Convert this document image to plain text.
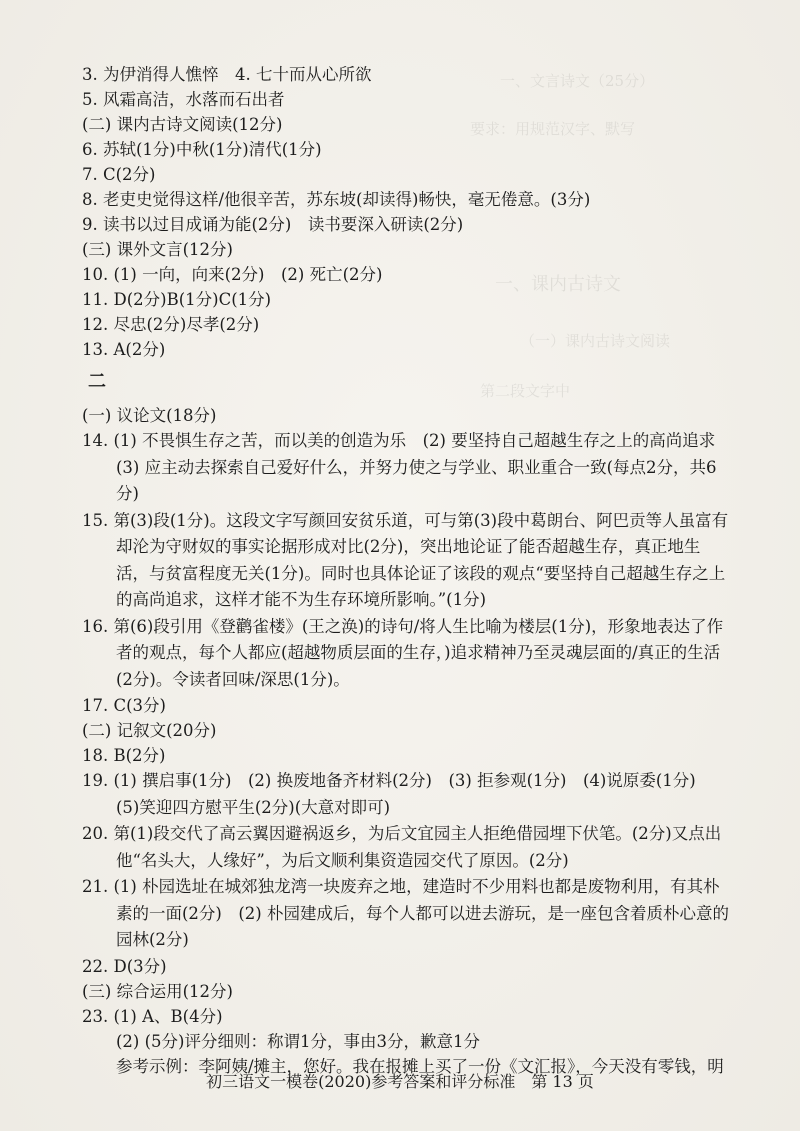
一、文言诗文（25分）
要求：用规范汉字、默写
一、课内古诗文
（一）课内古诗文阅读
第二段文字中
3. 为伊消得人憔悴　4. 七十而从心所欲
5. 风霜高洁，水落而石出者
(二) 课内古诗文阅读(12分)
6. 苏轼(1分)中秋(1分)清代(1分)
7. C(2分)
8. 老吏史觉得这样/他很辛苦，苏东坡(却读得)畅快，毫无倦意。(3分)
9. 读书以过目成诵为能(2分)　读书要深入研读(2分)
(三) 课外文言(12分)
10. (1) 一向，向来(2分)　(2) 死亡(2分)
11. D(2分)B(1分)C(1分)
12. 尽忠(2分)尽孝(2分)
13. A(2分)
(一) 议论文(18分)
14. (1) 不畏惧生存之苦，而以美的创造为乐　(2) 要坚持自己超越生存之上的高尚追求　(3) 应主动去探索自己爱好什么，并努力使之与学业、职业重合一致(每点2分，共6分)
15. 第(3)段(1分)。这段文字写颜回安贫乐道，可与第(3)段中葛朗台、阿巴贡等人虽富有却沦为守财奴的事实论据形成对比(2分)，突出地论证了能否超越生存，真正地生活，与贫富程度无关(1分)。同时也具体论证了该段的观点“要坚持自己超越生存之上的高尚追求，这样才能不为生存环境所影响。”(1分)
16. 第(6)段引用《登鹳雀楼》(王之涣)的诗句/将人生比喻为楼层(1分)，形象地表达了作者的观点，每个人都应(超越物质层面的生存，)追求精神乃至灵魂层面的/真正的生活(2分)。令读者回味/深思(1分)。
17. C(3分)
(二) 记叙文(20分)
18. B(2分)
19. (1) 撰启事(1分)　(2) 换废地备齐材料(2分)　(3) 拒参观(1分)　(4)说原委(1分)　(5)笑迎四方慰平生(2分)(大意对即可)
20. 第(1)段交代了高云翼因避祸返乡，为后文宜园主人拒绝借园埋下伏笔。(2分)又点出他“名头大，人缘好”，为后文顺利集资造园交代了原因。(2分)
21. (1) 朴园选址在城郊独龙湾一块废弃之地，建造时不少用料也都是废物利用，有其朴素的一面(2分)　(2) 朴园建成后，每个人都可以进去游玩，是一座包含着质朴心意的园林(2分)
22. D(3分)
(三) 综合运用(12分)
23. (1) A、B(4分)
(2) (5分)评分细则：称谓1分，事由3分，歉意1分
参考示例：李阿姨/摊主，您好。我在报摊上买了一份《文汇报》，今天没有零钱，明
二
初三语文一模卷(2020)参考答案和评分标准　第 13 页
